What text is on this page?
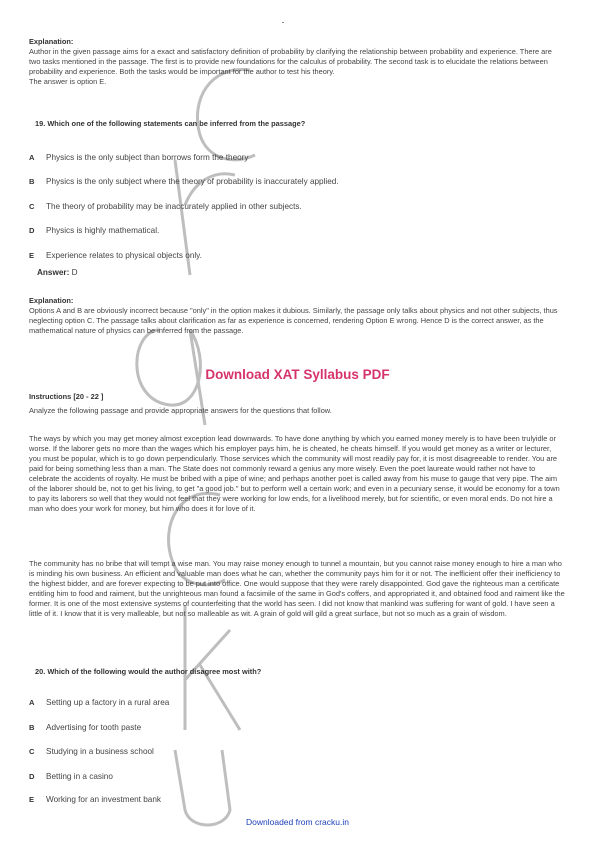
Explanation:
Author in the given passage aims for a exact and satisfactory definition of probability by clarifying the relationship between probability and experience. There are two tasks mentioned in the passage. The first is to provide new foundations for the calculus of probability. The second task is to elucidate the relations between probability and experience. Both the tasks would be important for the author to test his theory.
The answer is option E.
19. Which one of the following statements can be inferred from the passage?
A Physics is the only subject than borrows form the theory
B Physics is the only subject where the theory of probability is inaccurately applied.
C The theory of probability may be inaccurately applied in other subjects.
D Physics is highly mathematical.
E Experience relates to physical objects only.
Answer: D
Explanation:
Options A and B are obviously incorrect because "only" in the option makes it dubious. Similarly, the passage only talks about physics and not other subjects, thus neglecting option C. The passage talks about clarification as far as experience is concerned, rendering Option E wrong. Hence D is the correct answer, as the mathematical nature of physics can be inferred from the passage.
Download XAT Syllabus PDF
Instructions [20 - 22 ]
Analyze the following passage and provide appropriate answers for the questions that follow.
The ways by which you may get money almost exception lead downwards. To have done anything by which you earned money merely is to have been trulyidle or worse. If the laborer gets no more than the wages which his employer pays him, he is cheated, he cheats himself. If you would get money as a writer or lecturer, you must be popular, which is to go down perpendicularly. Those services which the community will most readily pay for, it is most disagreeable to render. You are paid for being something less than a man. The State does not commonly reward a genius any more wisely. Even the poet laureate would rather not have to celebrate the accidents of royalty. He must be bribed with a pipe of wine; and perhaps another poet is called away from his muse to gauge that very pipe. The aim of the laborer should be, not to get his living, to get "a good job." but to perform well a certain work; and even in a pecuniary sense, it would be economy for a town to pay its laborers so well that they would not feel that they were working for low ends, for a livelihood merely, but for scientific, or even moral ends. Do not hire a man who does your work for money, but him who does it for love of it.
The community has no bribe that will tempt a wise man. You may raise money enough to tunnel a mountain, but you cannot raise money enough to hire a man who is minding his own business. An efficient and valuable man does what he can, whether the community pays him for it or not. The inefficient offer their inefficiency to the highest bidder, and are forever expecting to be put into office. One would suppose that they were rarely disappointed. God gave the righteous man a certificate entitling him to food and raiment, but the unrighteous man found a facsimile of the same in God's coffers, and appropriated it, and obtained food and raiment like the former. It is one of the most extensive systems of counterfeiting that the world has seen. I did not know that mankind was suffering for want of gold. I have seen a little of it. I know that it is very malleable, but not so malleable as wit. A grain of gold will gild a great surface, but not so much as a grain of wisdom.
20. Which of the following would the author disagree most with?
A Setting up a factory in a rural area
B Advertising for tooth paste
C Studying in a business school
D Betting in a casino
E Working for an investment bank
Downloaded from cracku.in
